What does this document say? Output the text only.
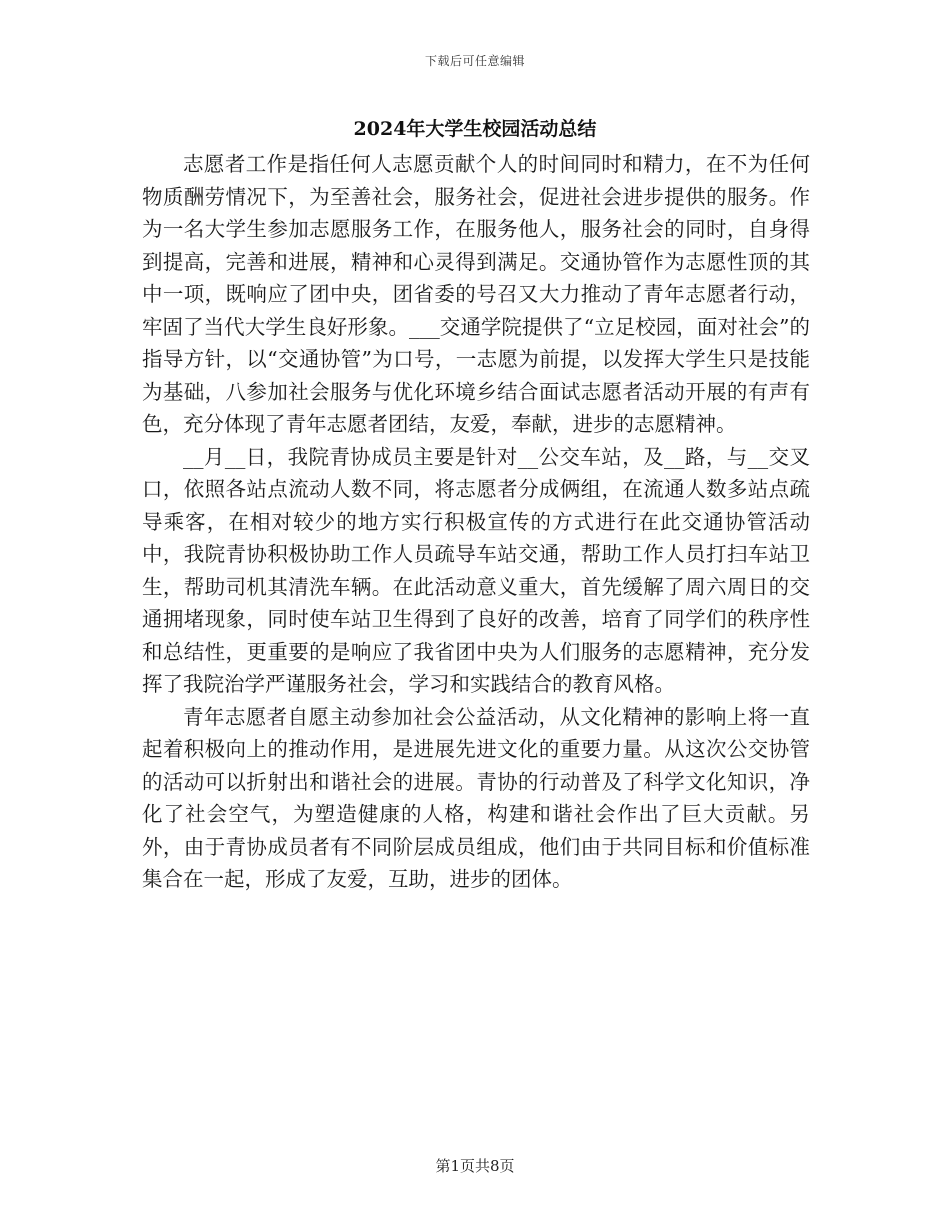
下载后可任意编辑
2024年大学生校园活动总结

志愿者工作是指任何人志愿贡献个人的时间同时和精力，在不为任何物质酬劳情况下，为至善社会，服务社会，促进社会进步提供的服务。作为一名大学生参加志愿服务工作，在服务他人，服务社会的同时，自身得到提高，完善和进展，精神和心灵得到满足。交通协管作为志愿性顶的其中一项，既响应了团中央，团省委的号召又大力推动了青年志愿者行动，牢固了当代大学生良好形象。___交通学院提供了“立足校园，面对社会”的指导方针，以“交通协管”为口号，一志愿为前提，以发挥大学生只是技能为基础，八参加社会服务与优化环境乡结合面试志愿者活动开展的有声有色，充分体现了青年志愿者团结，友爱，奉献，进步的志愿精神。

__月__日，我院青协成员主要是针对__公交车站，及__路，与__交叉口，依照各站点流动人数不同，将志愿者分成俩组，在流通人数多站点疏导乘客，在相对较少的地方实行积极宣传的方式进行在此交通协管活动中，我院青协积极协助工作人员疏导车站交通，帮助工作人员打扫车站卫生，帮助司机其清洗车辆。在此活动意义重大，首先缓解了周六周日的交通拥堵现象，同时使车站卫生得到了良好的改善，培育了同学们的秩序性和总结性，更重要的是响应了我省团中央为人们服务的志愿精神，充分发挥了我院治学严谨服务社会，学习和实践结合的教育风格。

青年志愿者自愿主动参加社会公益活动，从文化精神的影响上将一直起着积极向上的推动作用，是进展先进文化的重要力量。从这次公交协管的活动可以折射出和谐社会的进展。青协的行动普及了科学文化知识，净化了社会空气，为塑造健康的人格，构建和谐社会作出了巨大贡献。另外，由于青协成员者有不同阶层成员组成，他们由于共同目标和价值标准集合在一起，形成了友爱，互助，进步的团体。

第1页共8页
